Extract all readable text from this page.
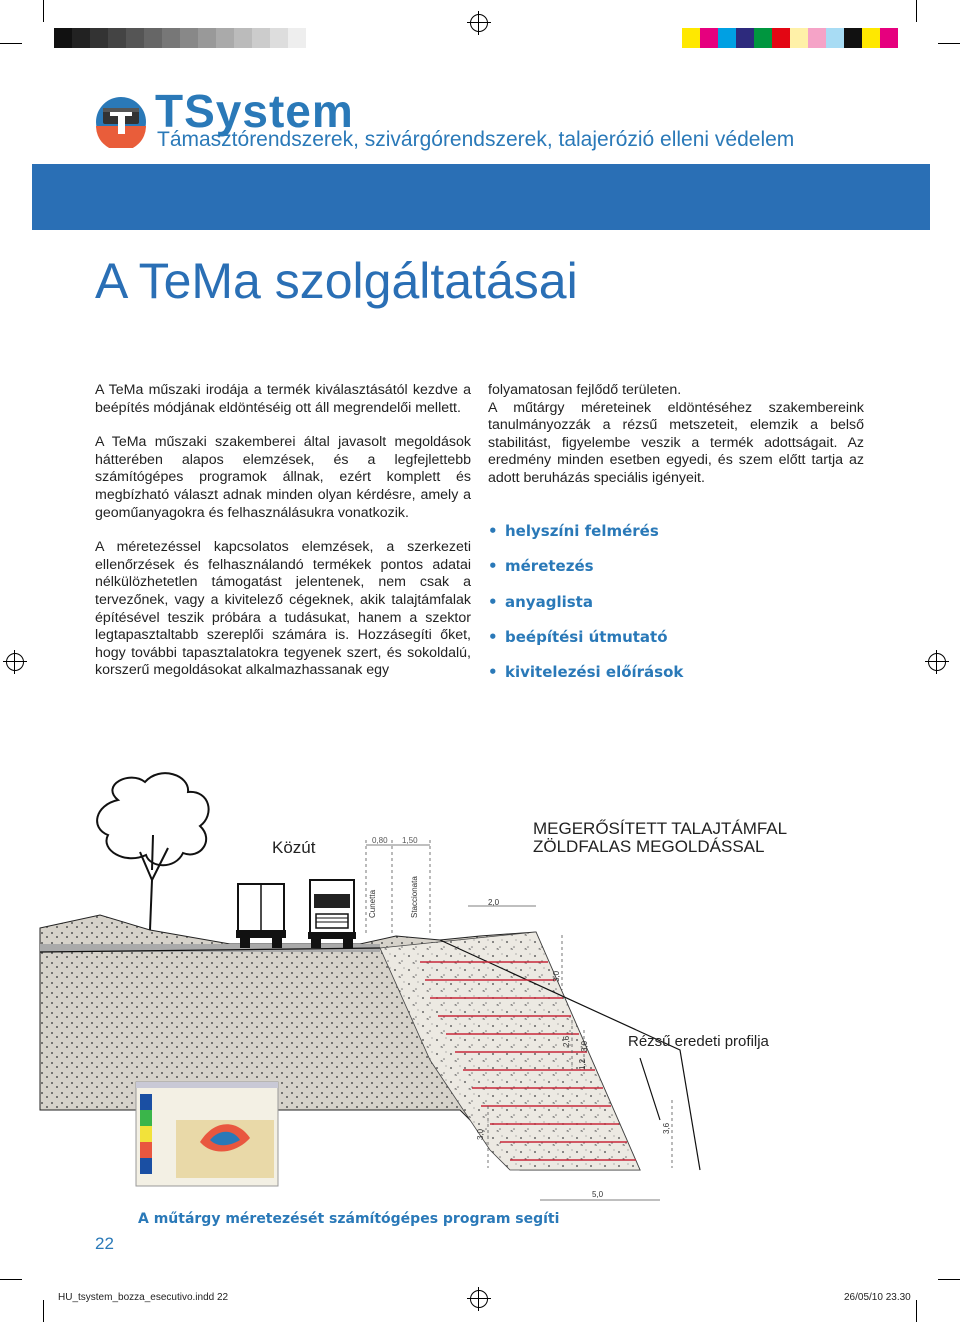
TSystem
Támasztórendszerek, szivárgórendszerek, talajerózió elleni védelem
A TeMa szolgáltatásai

A TeMa műszaki irodája a termék kiválasztásától kezdve a beépítés módjának eldöntéséig ott áll megrendelői mellett.

A TeMa műszaki szakemberei által javasolt megoldások hátterében alapos elemzések, és a legfejlettebb számítógépes programok állnak, ezért komplett és megbízható választ adnak minden olyan kérdésre, amely a geoműanyagokra és felhasználásukra vonatkozik.

A méretezéssel kapcsolatos elemzések, a szerkezeti ellenőrzések és felhasználandó termékek pontos adatai nélkülözhetetlen támogatást jelentenek, nem csak a tervezőnek, vagy a kivitelező cégeknek, akik talajtámfalak építésével teszik próbára a tudásukat, hanem a szektor legtapasztaltabb szereplői számára is. Hozzásegíti őket, hogy további tapasztalatokra tegyenek szert, és sokoldalú, korszerű megoldásokat alkalmazhassanak egy

folyamatosan fejlődő területen.

A műtárgy méreteinek eldöntéséhez szakembereink tanulmányozzák a rézsű metszeteit, elemzik a belső stabilitást, figyelembe veszik a termék adottságait. Az eredmény minden esetben egyedi, és szem előtt tartja az adott beruházás speciális igényeit.

• helyszíni felmérés
• méretezés
• anyaglista
• beépítési útmutató
• kivitelezési előírások
Közút
MEGERŐSÍTETT TALAJTÁMFAL
ZÖLDFALAS MEGOLDÁSSAL
Rézsű eredeti profilja
0,80 1,50
Cunetta	Staccionata	2,0
3,0
2,6 3,0
1,2
3,0
3,6
5,0
A műtárgy méretezését számítógépes program segíti
22
HU_tsystem_bozza_esecutivo.indd 22	26/05/10 23.30
